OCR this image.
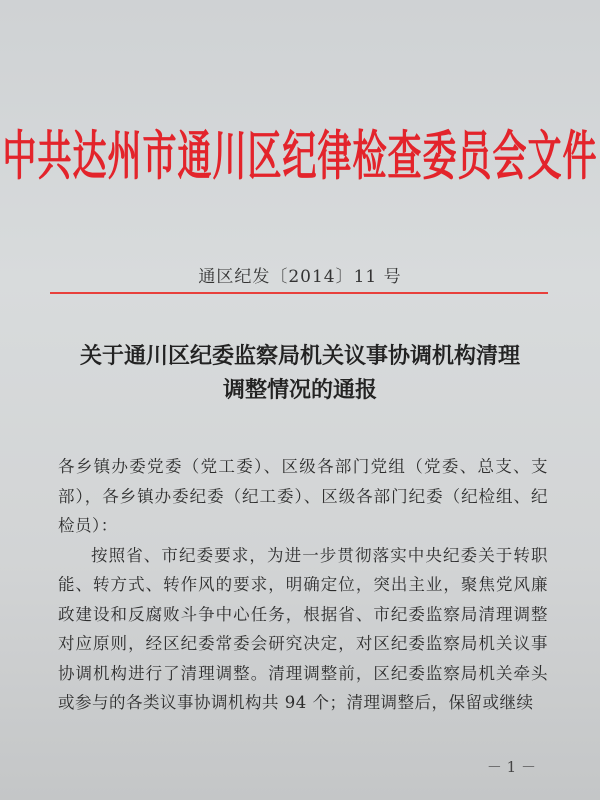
中共达州市通川区纪律检查委员会文件
通区纪发〔2014〕11 号
关于通川区纪委监察局机关议事协调机构清理
调整情况的通报

各乡镇办委党委（党工委）、区级各部门党组（党委、总支、支部），各乡镇办委纪委（纪工委）、区级各部门纪委（纪检组、纪检员）：

按照省、市纪委要求，为进一步贯彻落实中央纪委关于转职能、转方式、转作风的要求，明确定位，突出主业，聚焦党风廉政建设和反腐败斗争中心任务，根据省、市纪委监察局清理调整对应原则，经区纪委常委会研究决定，对区纪委监察局机关议事协调机构进行了清理调整。清理调整前，区纪委监察局机关牵头或参与的各类议事协调机构共 94 个；清理调整后，保留或继续

－ 1 －
